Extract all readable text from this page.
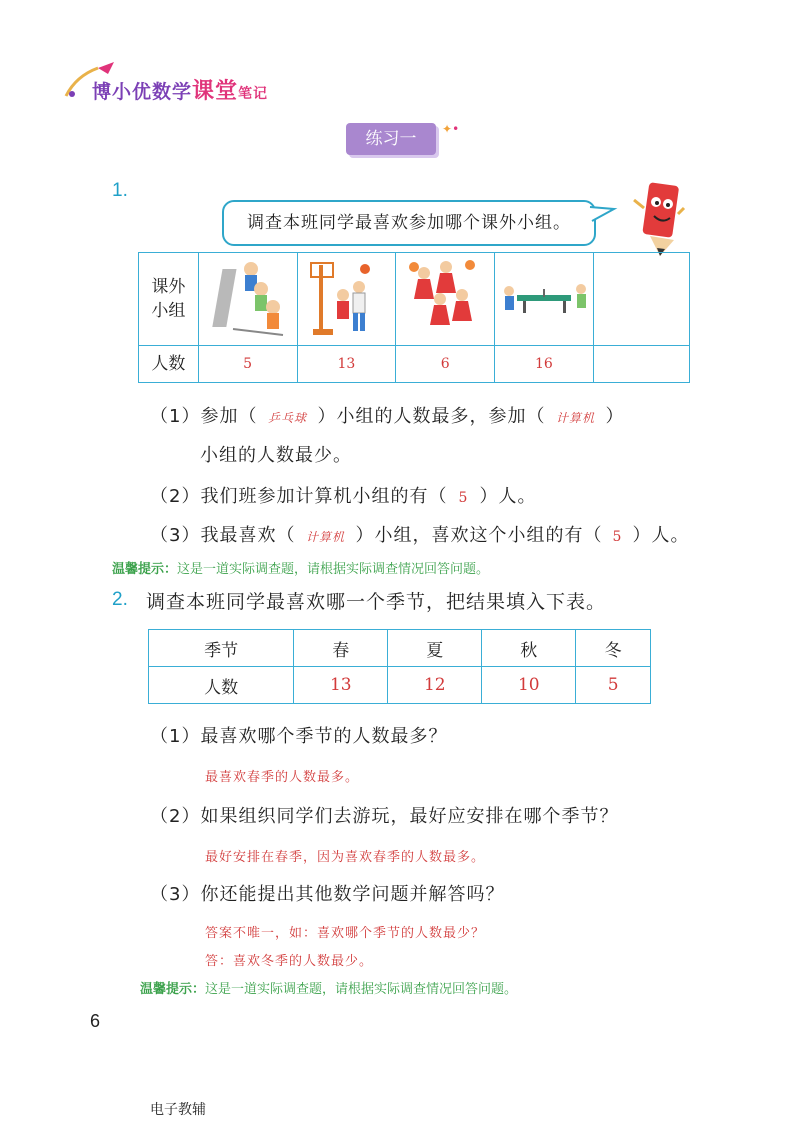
博小优数学课堂笔记
练习一	✦•
1.
调查本班同学最喜欢参加哪个课外小组。
课外
小组

人数	5	13	6	16	
（1）参加（ 乒乓球 ）小组的人数最多，参加（ 计算机 ）
小组的人数最少。
（2）我们班参加计算机小组的有（ 5 ）人。
（3）我最喜欢（ 计算机 ）小组，喜欢这个小组的有（ 5 ）人。
温馨提示：这是一道实际调查题，请根据实际调查情况回答问题。
2. 调查本班同学最喜欢哪一个季节，把结果填入下表。
季节	春	夏	秋	冬
人数	13	12	10	5
（1）最喜欢哪个季节的人数最多？
最喜欢春季的人数最多。
（2）如果组织同学们去游玩，最好应安排在哪个季节？
最好安排在春季，因为喜欢春季的人数最多。
（3）你还能提出其他数学问题并解答吗？
答案不唯一，如：喜欢哪个季节的人数最少？
答：喜欢冬季的人数最少。
温馨提示：这是一道实际调查题，请根据实际调查情况回答问题。
6
电子教辅
